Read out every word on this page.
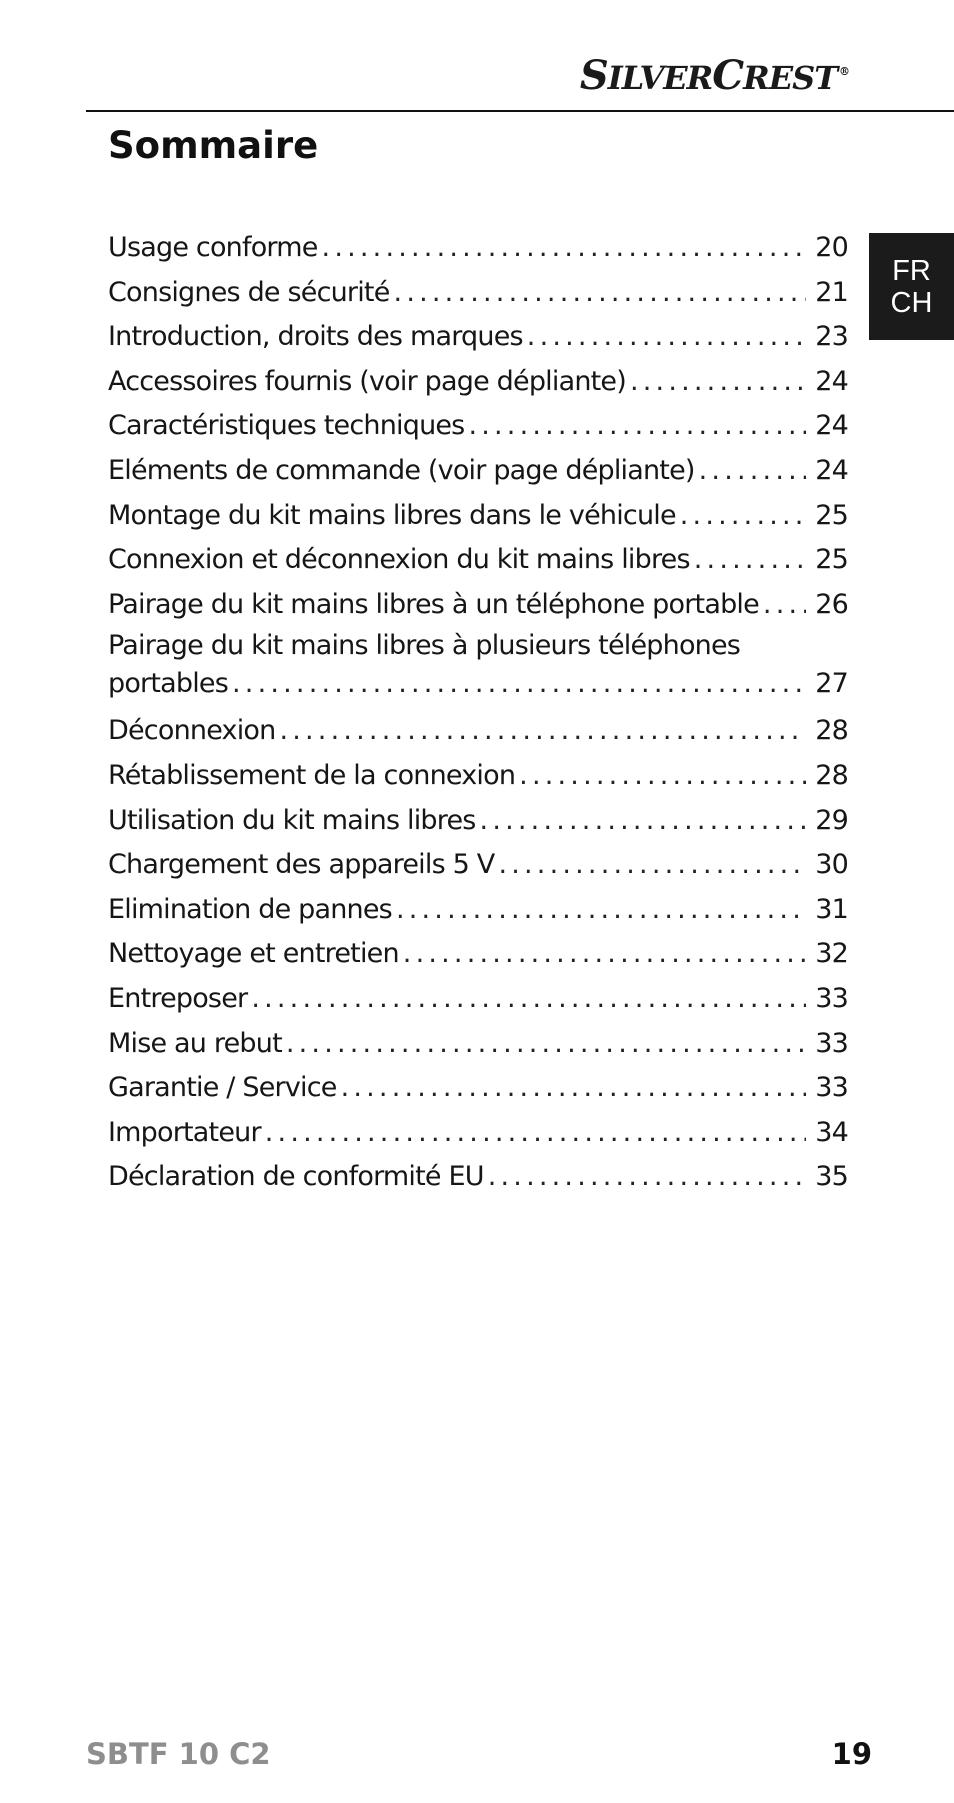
SILVERCREST ®
Sommaire
FR
CH
Usage conforme .....	20
Consignes de sécurité .....	21
Introduction, droits des marques .....	23
Accessoires fournis (voir page dépliante) .....	24
Caractéristiques techniques .....	24
Eléments de commande (voir page dépliante) .....	24
Montage du kit mains libres dans le véhicule .....	25
Connexion et déconnexion du kit mains libres .....	25
Pairage du kit mains libres à un téléphone portable ..... 26
Pairage du kit mains libres à plusieurs téléphones
portables .....	27
Déconnexion .....	28
Rétablissement de la connexion .....	28
Utilisation du kit mains libres .....	29
Chargement des appareils 5 V .....	30
Elimination de pannes .....	31
Nettoyage et entretien .....	32
Entreposer .....	33
Mise au rebut .....	33
Garantie / Service .....	33
Importateur .....	34
Déclaration de conformité EU .....	35
SBTF 10 C2	19
